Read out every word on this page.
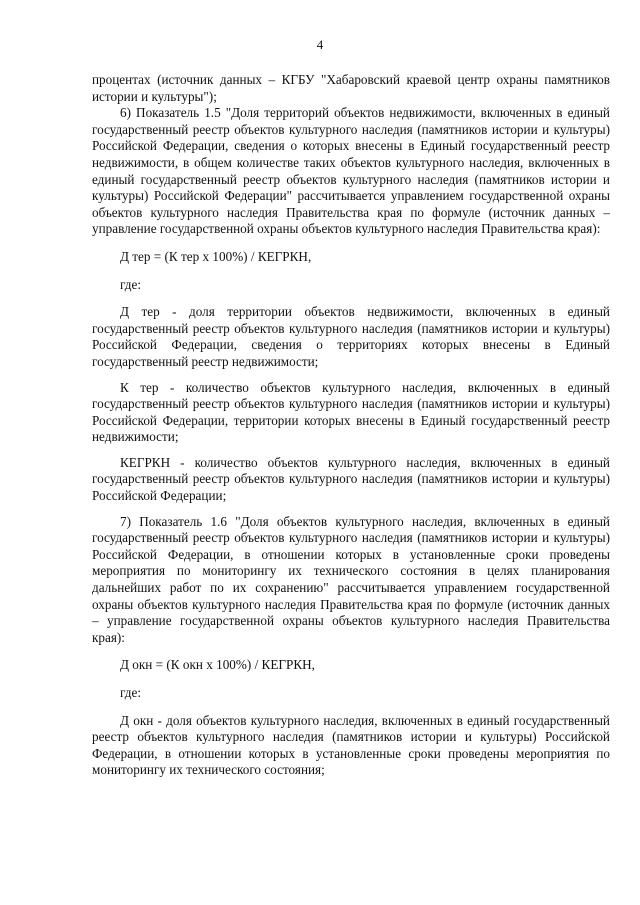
4

процентах (источник данных – КГБУ "Хабаровский краевой центр охраны памятников истории и культуры");

6) Показатель 1.5 "Доля территорий объектов недвижимости, включенных в единый государственный реестр объектов культурного наследия (памятников истории и культуры) Российской Федерации, сведения о которых внесены в Единый государственный реестр недвижимости, в общем количестве таких объектов культурного наследия, включенных в единый государственный реестр объектов культурного наследия (памятников истории и культуры) Российской Федерации" рассчитывается управлением государственной охраны объектов культурного наследия Правительства края по формуле (источник данных – управление государственной охраны объектов культурного наследия Правительства края):

Д тер = (К тер х 100%) / КЕГРКН,

где:

Д тер - доля территории объектов недвижимости, включенных в единый государственный реестр объектов культурного наследия (памятников истории и культуры) Российской Федерации, сведения о территориях которых внесены в Единый государственный реестр недвижимости;

К тер - количество объектов культурного наследия, включенных в единый государственный реестр объектов культурного наследия (памятников истории и культуры) Российской Федерации, территории которых внесены в Единый государственный реестр недвижимости;

КЕГРКН - количество объектов культурного наследия, включенных в единый государственный реестр объектов культурного наследия (памятников истории и культуры) Российской Федерации;

7) Показатель 1.6 "Доля объектов культурного наследия, включенных в единый государственный реестр объектов культурного наследия (памятников истории и культуры) Российской Федерации, в отношении которых в установленные сроки проведены мероприятия по мониторингу их технического состояния в целях планирования дальнейших работ по их сохранению" рассчитывается управлением государственной охраны объектов культурного наследия Правительства края по формуле (источник данных – управление государственной охраны объектов культурного наследия Правительства края):

Д окн = (К окн х 100%) / КЕГРКН,

где:

Д окн - доля объектов культурного наследия, включенных в единый государственный реестр объектов культурного наследия (памятников истории и культуры) Российской Федерации, в отношении которых в установленные сроки проведены мероприятия по мониторингу их технического состояния;
